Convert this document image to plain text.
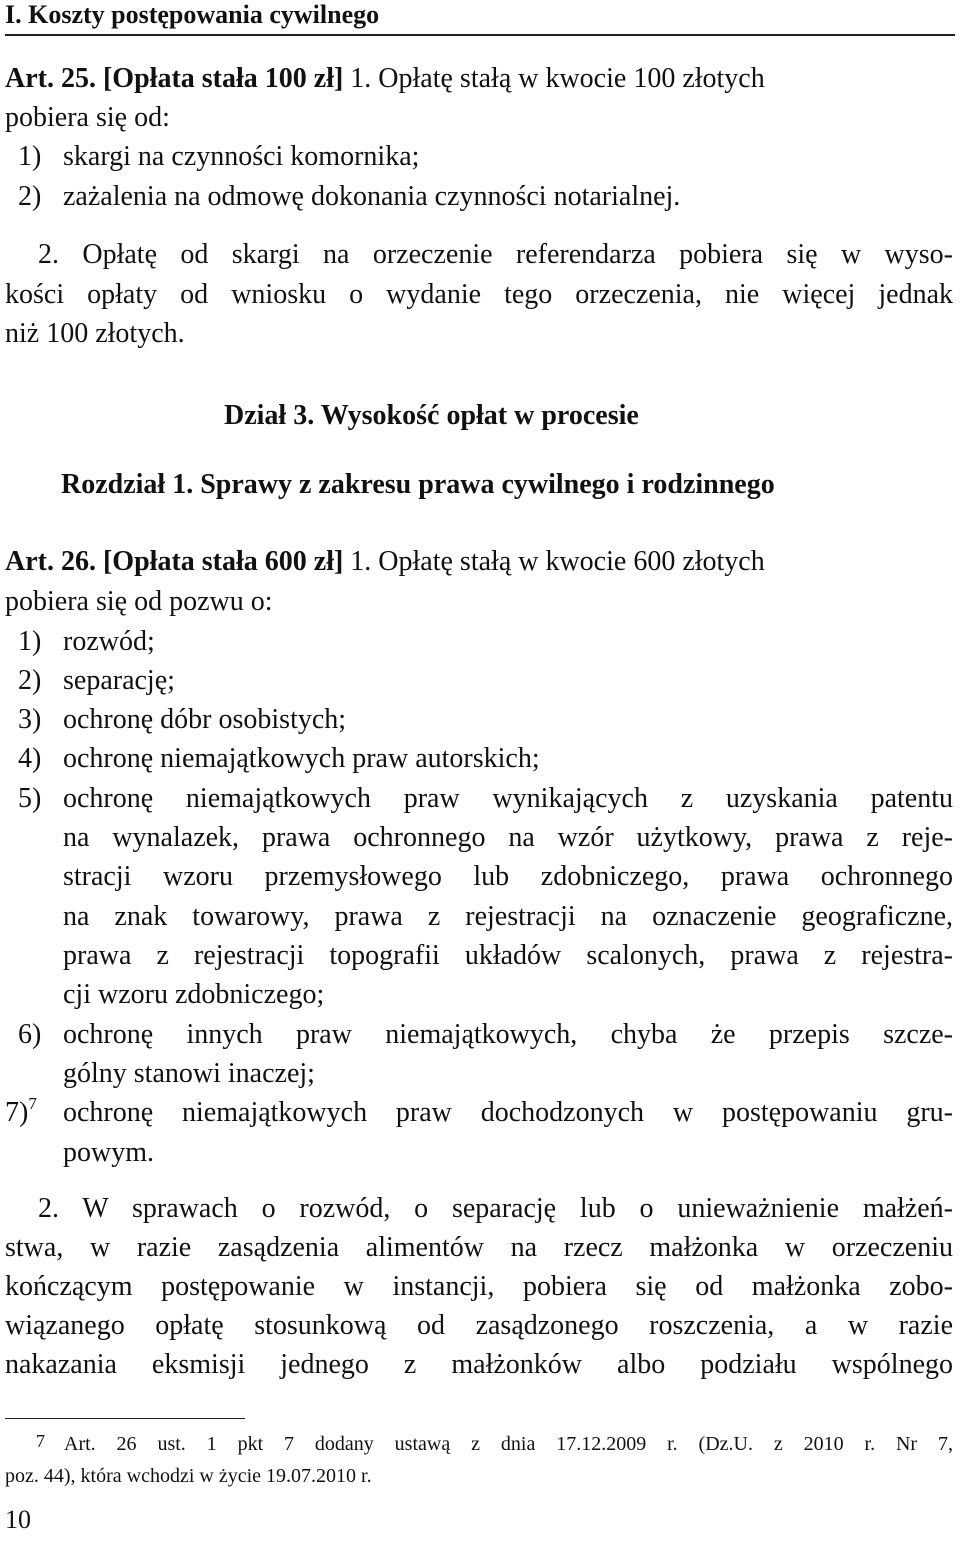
I. Koszty postępowania cywilnego
Art. 25. [Opłata stała 100 zł] 1. Opłatę stałą w kwocie 100 złotych
pobiera się od:
1) skargi na czynności komornika;
2) zażalenia na odmowę dokonania czynności notarialnej.
2. Opłatę od skargi na orzeczenie referendarza pobiera się w wyso-
kości opłaty od wniosku o wydanie tego orzeczenia, nie więcej jednak
niż 100 złotych.
Dział 3. Wysokość opłat w procesie
Rozdział 1. Sprawy z zakresu prawa cywilnego i rodzinnego
Art. 26. [Opłata stała 600 zł] 1. Opłatę stałą w kwocie 600 złotych
pobiera się od pozwu o:
1) rozwód;
2) separację;
3) ochronę dóbr osobistych;
4) ochronę niemajątkowych praw autorskich;
5) ochronę niemajątkowych praw wynikających z uzyskania patentu
na wynalazek, prawa ochronnego na wzór użytkowy, prawa z reje-
stracji wzoru przemysłowego lub zdobniczego, prawa ochronnego
na znak towarowy, prawa z rejestracji na oznaczenie geograficzne,
prawa z rejestracji topografii układów scalonych, prawa z rejestra-
cji wzoru zdobniczego;
6) ochronę innych praw niemajątkowych, chyba że przepis szcze-
gólny stanowi inaczej;
7)$^7$ ochronę niemajątkowych praw dochodzonych w postępowaniu gru-
powym.
2. W sprawach o rozwód, o separację lub o unieważnienie małżeń-
stwa, w razie zasądzenia alimentów na rzecz małżonka w orzeczeniu
kończącym postępowanie w instancji, pobiera się od małżonka zobo-
wiązanego opłatę stosunkową od zasądzonego roszczenia, a w razie
nakazania eksmisji jednego z małżonków albo podziału wspólnego
7 Art. 26 ust. 1 pkt 7 dodany ustawą z dnia 17.12.2009 r. (Dz.U. z 2010 r. Nr 7,
poz. 44), która wchodzi w życie 19.07.2010 r.
10
